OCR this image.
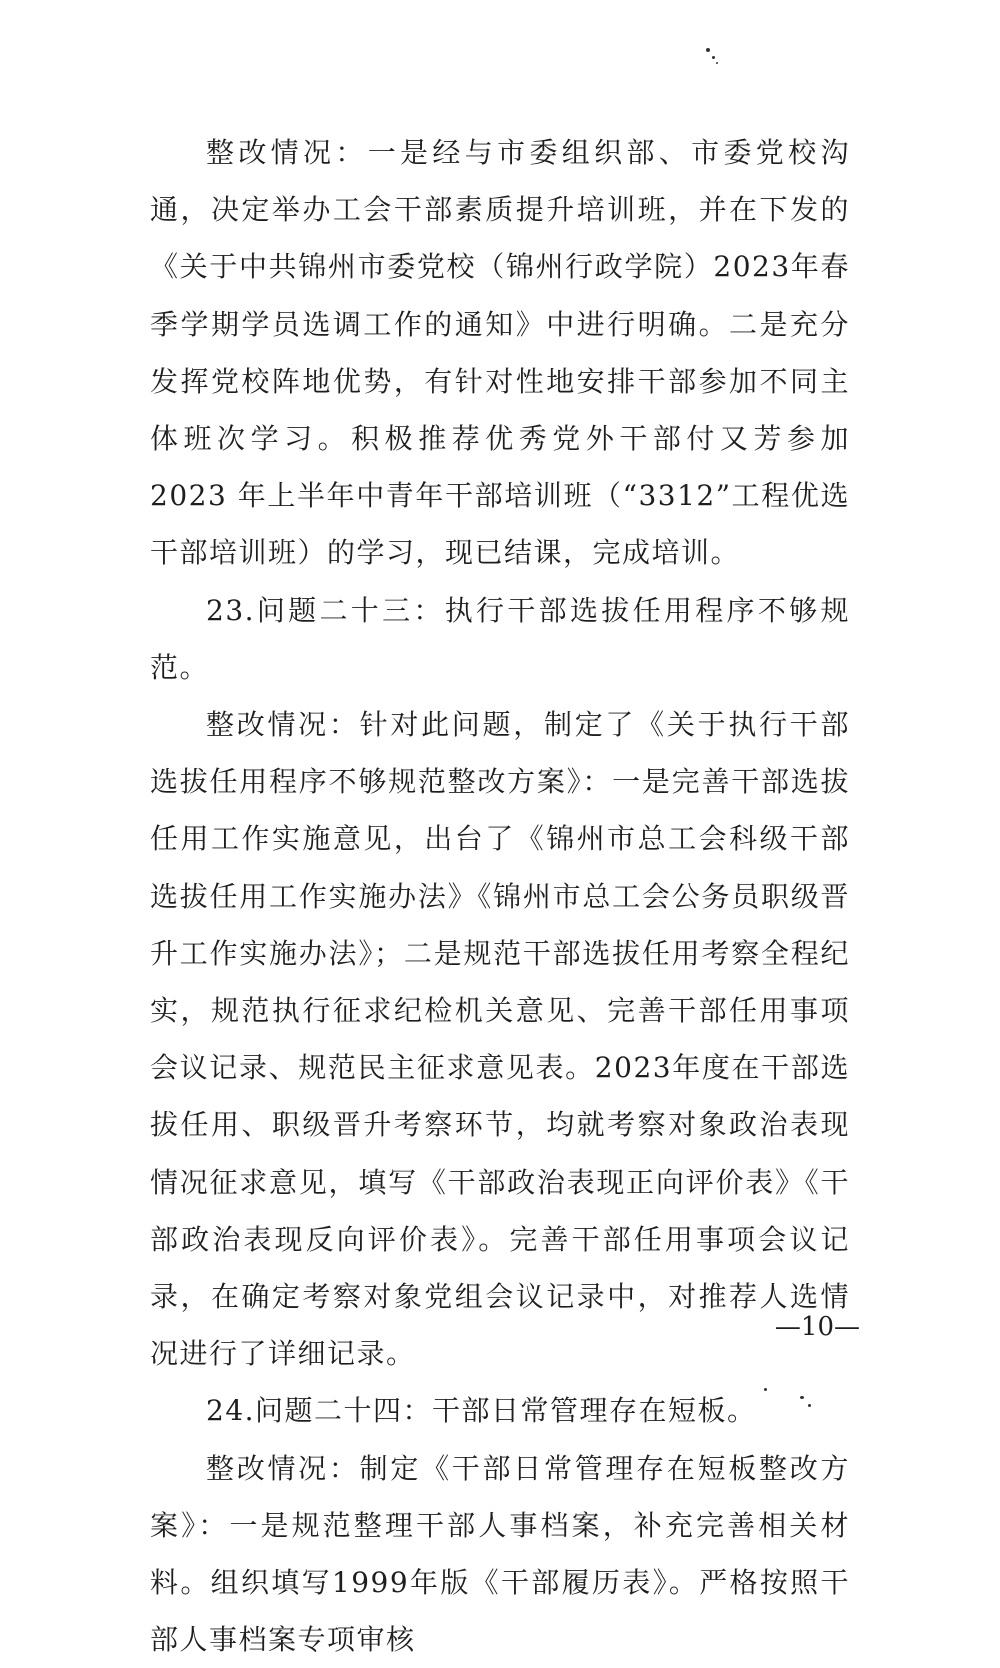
整改情况：一是经与市委组织部、市委党校沟通，决定举办工会干部素质提升培训班，并在下发的《关于中共锦州市委党校（锦州行政学院）2023年春季学期学员选调工作的通知》中进行明确。二是充分发挥党校阵地优势，有针对性地安排干部参加不同主体班次学习。积极推荐优秀党外干部付又芳参加 2023 年上半年中青年干部培训班（“3312”工程优选干部培训班）的学习，现已结课，完成培训。

23.问题二十三：执行干部选拔任用程序不够规范。

整改情况：针对此问题，制定了《关于执行干部选拔任用程序不够规范整改方案》：一是完善干部选拔任用工作实施意见，出台了《锦州市总工会科级干部选拔任用工作实施办法》《锦州市总工会公务员职级晋升工作实施办法》；二是规范干部选拔任用考察全程纪实，规范执行征求纪检机关意见、完善干部任用事项会议记录、规范民主征求意见表。2023年度在干部选拔任用、职级晋升考察环节，均就考察对象政治表现情况征求意见，填写《干部政治表现正向评价表》《干部政治表现反向评价表》。完善干部任用事项会议记录，在确定考察对象党组会议记录中，对推荐人选情况进行了详细记录。

24.问题二十四：干部日常管理存在短板。

整改情况：制定《干部日常管理存在短板整改方案》：一是规范整理干部人事档案，补充完善相关材料。组织填写1999年版《干部履历表》。严格按照干部人事档案专项审核

—10—
